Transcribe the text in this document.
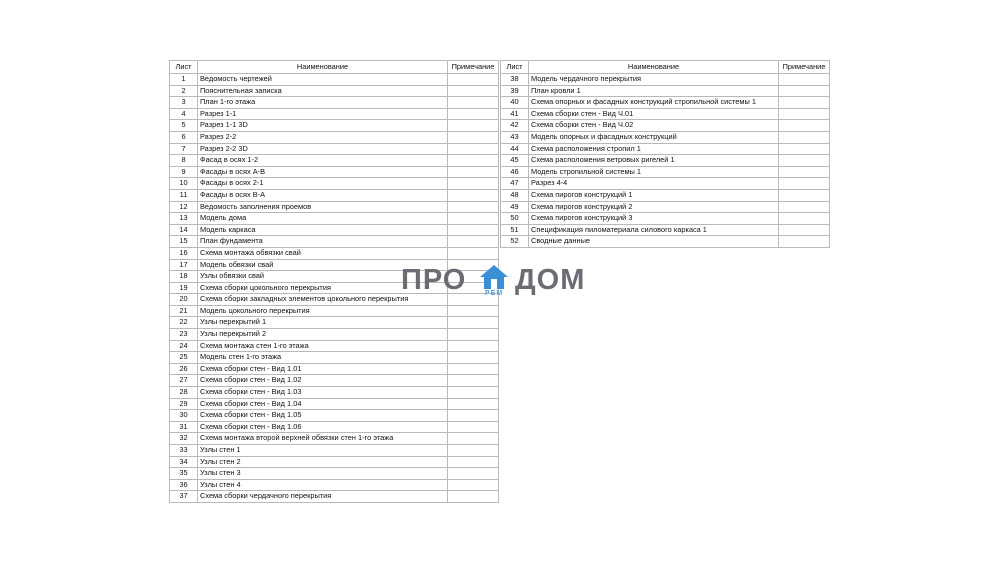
Лист	Наименование	Примечание
1	Ведомость чертежей	
2	Пояснительная записка	
3	План 1-го этажа	
4	Разрез 1-1	
5	Разрез 1-1 3D	
6	Разрез 2-2	
7	Разрез 2-2 3D	
8	Фасад в осях 1-2	
9	Фасады в осях А-В	
10	Фасады в осях 2-1	
11	Фасады в осях В-А	
12	Ведомость заполнения проемов	
13	Модель дома	
14	Модель каркаса	
15	План фундамента	
16	Схема монтажа обвязки свай	
17	Модель обвязки свай	
18	Узлы обвязки свай	
19	Схема сборки цокольного перекрытия	
20	Схема сборки закладных элементов цокольного перекрытия	
21	Модель цокольного перекрытия	
22	Узлы перекрытий 1	
23	Узлы перекрытий 2	
24	Схема монтажа стен 1-го этажа	
25	Модель стен 1-го этажа	
26	Схема сборки стен - Вид 1.01	
27	Схема сборки стен - Вид 1.02	
28	Схема сборки стен - Вид 1.03	
29	Схема сборки стен - Вид 1.04	
30	Схема сборки стен - Вид 1.05	
31	Схема сборки стен - Вид 1.06	
32	Схема монтажа второй верхней обвязки стен 1-го этажа	
33	Узлы стен 1	
34	Узлы стен 2	
35	Узлы стен 3	
36	Узлы стен 4	
37	Схема сборки чердачного перекрытия	
Лист	Наименование	Примечание
38	Модель чердачного перекрытия	
39	План кровли 1	
40	Схема опорных и фасадных конструкций стропильной системы 1	
41	Схема сборки стен - Вид Ч.01	
42	Схема сборки стен - Вид Ч.02	
43	Модель опорных и фасадных конструкций	
44	Схема расположения стропил 1	
45	Схема расположения ветровых ригелей 1	
46	Модель стропильной системы 1	
47	Разрез 4-4	
48	Схема пирогов конструкций 1	
49	Схема пирогов конструкций 2	
50	Схема пирогов конструкций 3	
51	Спецификация пиломатериала силового каркаса 1	
52	Сводные данные	
ПРО ДОМ
РЕМ
